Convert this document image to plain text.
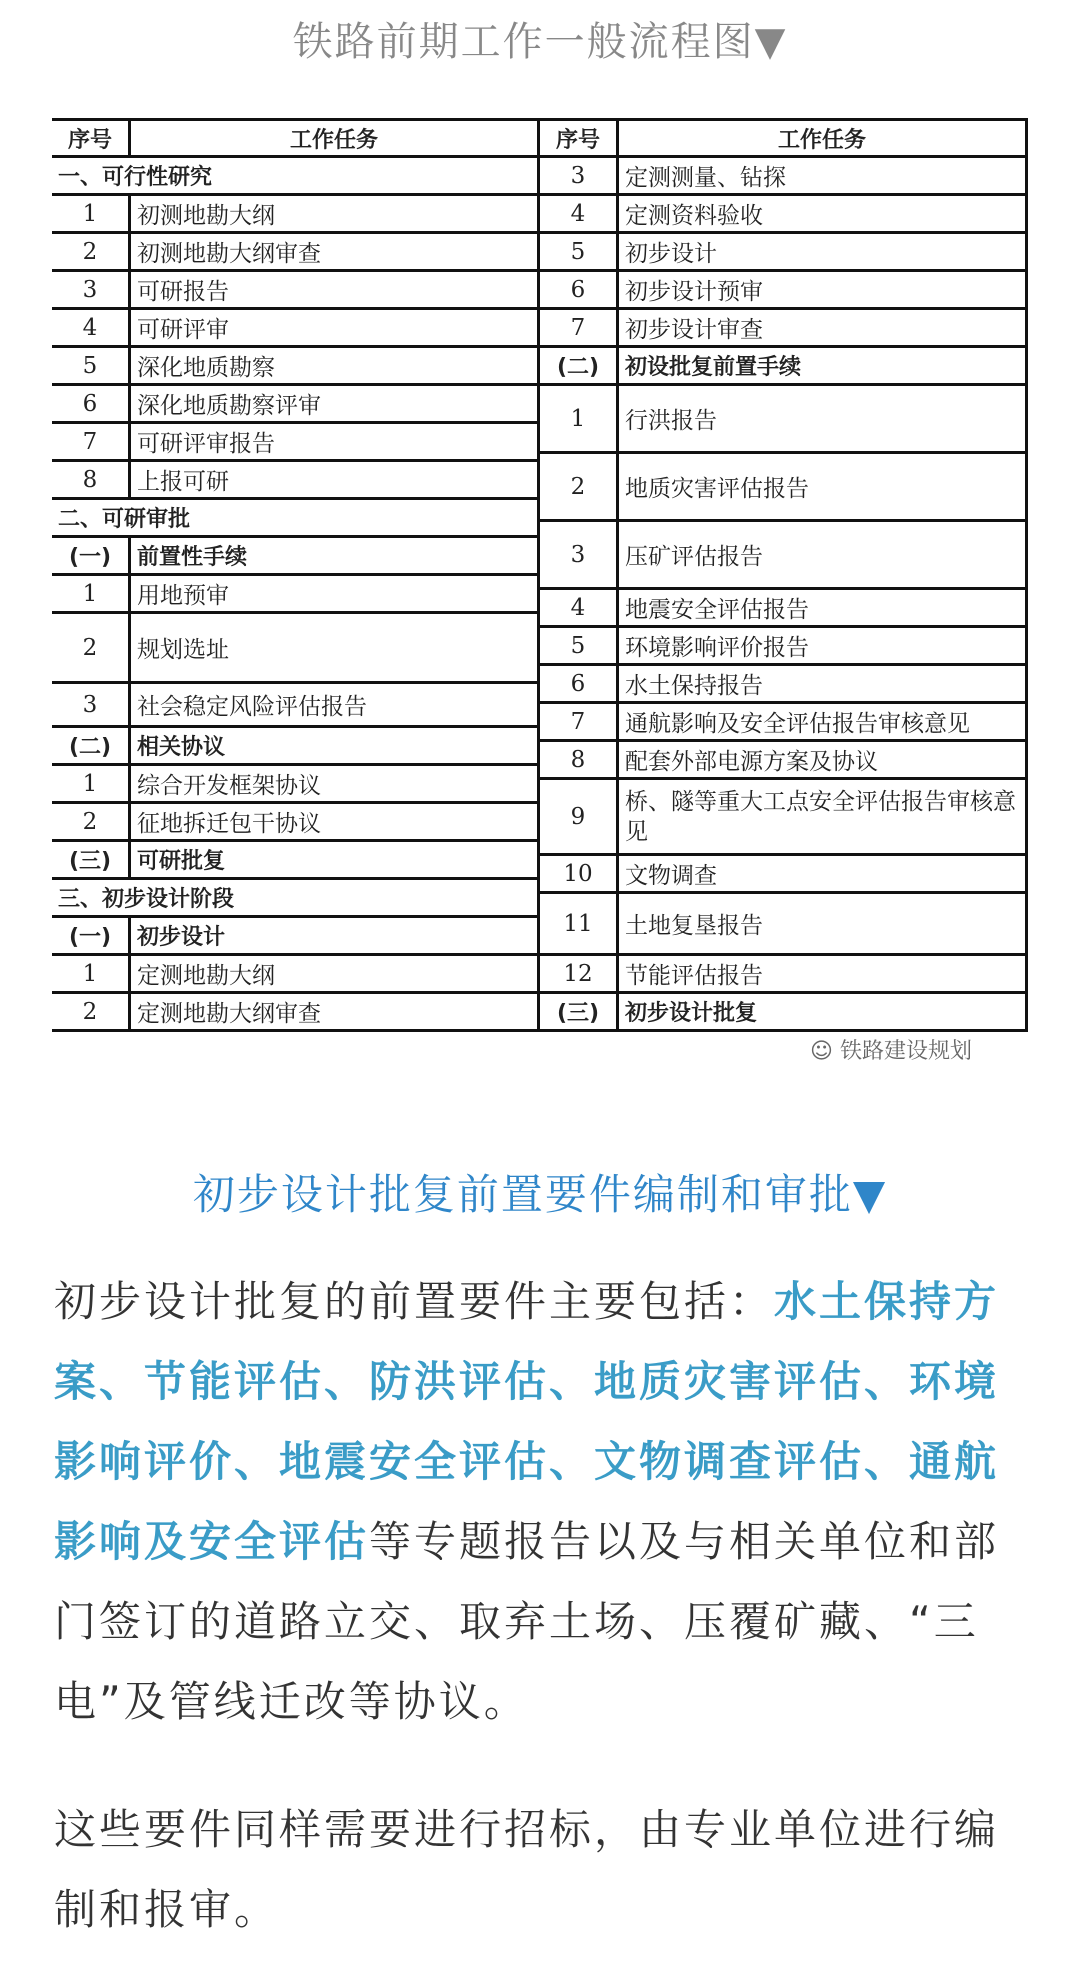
铁路前期工作一般流程图▼
序号	工作任务
一、可行性研究	
1	初测地勘大纲
2	初测地勘大纲审查
3	可研报告
4	可研评审
5	深化地质勘察
6	深化地质勘察评审
7	可研评审报告
8	上报可研
二、可研审批	
(一)	前置性手续
1	用地预审
2	规划选址
3	社会稳定风险评估报告
(二)	相关协议
1	综合开发框架协议
2	征地拆迁包干协议
(三)	可研批复
三、初步设计阶段	
(一)	初步设计
1	定测地勘大纲
2	定测地勘大纲审查
序号	工作任务
3	定测测量、钻探
4	定测资料验收
5	初步设计
6	初步设计预审
7	初步设计审查
(二)	初设批复前置手续
1	行洪报告
2	地质灾害评估报告
3	压矿评估报告
4	地震安全评估报告
5	环境影响评价报告
6	水土保持报告
7	通航影响及安全评估报告审核意见
8	配套外部电源方案及协议
9	桥、隧等重大工点安全评估报告审核意见
10	文物调查
11	土地复垦报告
12	节能评估报告
(三)	初步设计批复
☺ 铁路建设规划
初步设计批复前置要件编制和审批▼

初步设计批复的前置要件主要包括：水土保持方案、节能评估、防洪评估、地质灾害评估、环境影响评价、地震安全评估、文物调查评估、通航影响及安全评估等专题报告以及与相关单位和部门签订的道路立交、取弃土场、压覆矿藏、“三电”及管线迁改等协议。

这些要件同样需要进行招标，由专业单位进行编制和报审。
